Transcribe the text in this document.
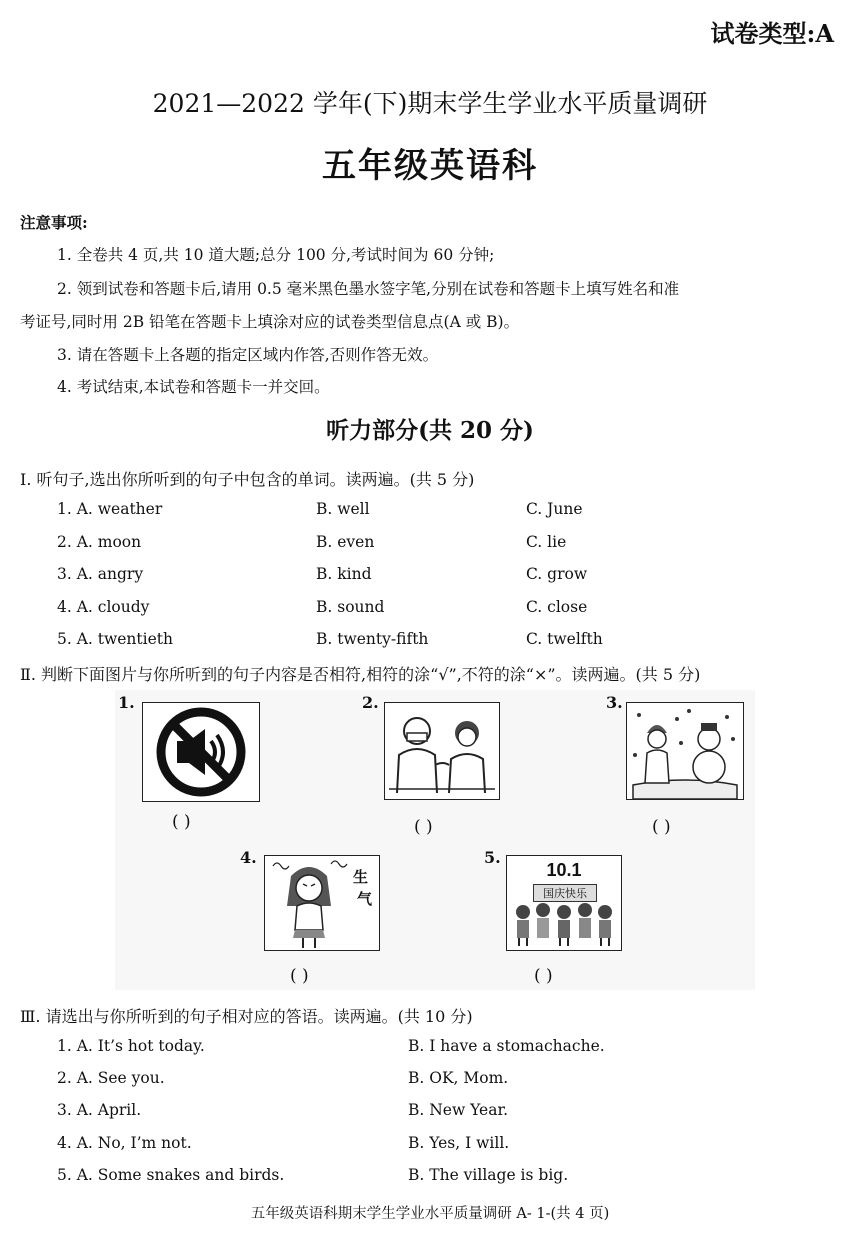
试卷类型:A
2021—2022 学年(下)期末学生学业水平质量调研
五年级英语科
注意事项:
1. 全卷共 4 页,共 10 道大题;总分 100 分,考试时间为 60 分钟;
2. 领到试卷和答题卡后,请用 0.5 毫米黑色墨水签字笔,分别在试卷和答题卡上填写姓名和准
考证号,同时用 2B 铅笔在答题卡上填涂对应的试卷类型信息点(A 或 B)。
3. 请在答题卡上各题的指定区域内作答,否则作答无效。
4. 考试结束,本试卷和答题卡一并交回。
听力部分(共 20 分)
Ⅰ. 听句子,选出你所听到的句子中包含的单词。读两遍。(共 5 分)
1. A. weather	B. well	C. June
2. A. moon	B. even	C. lie
3. A. angry	B. kind	C. grow
4. A. cloudy	B. sound	C. close
5. A. twentieth	B. twenty-fifth	C. twelfth
Ⅱ. 判断下面图片与你所听到的句子内容是否相符,相符的涂“√”,不符的涂“×”。读两遍。(共 5 分)
1.
( )
2.
( )
3.
( )
4.
生
气
( )
5.
10.1
国庆快乐
( )
Ⅲ. 请选出与你所听到的句子相对应的答语。读两遍。(共 10 分)
1. A. It’s hot today.	B. I have a stomachache.
2. A. See you.	B. OK, Mom.
3. A. April.	B. New Year.
4. A. No, I’m not.	B. Yes, I will.
5. A. Some snakes and birds.	B. The village is big.
五年级英语科期末学生学业水平质量调研 A- 1-(共 4 页)
